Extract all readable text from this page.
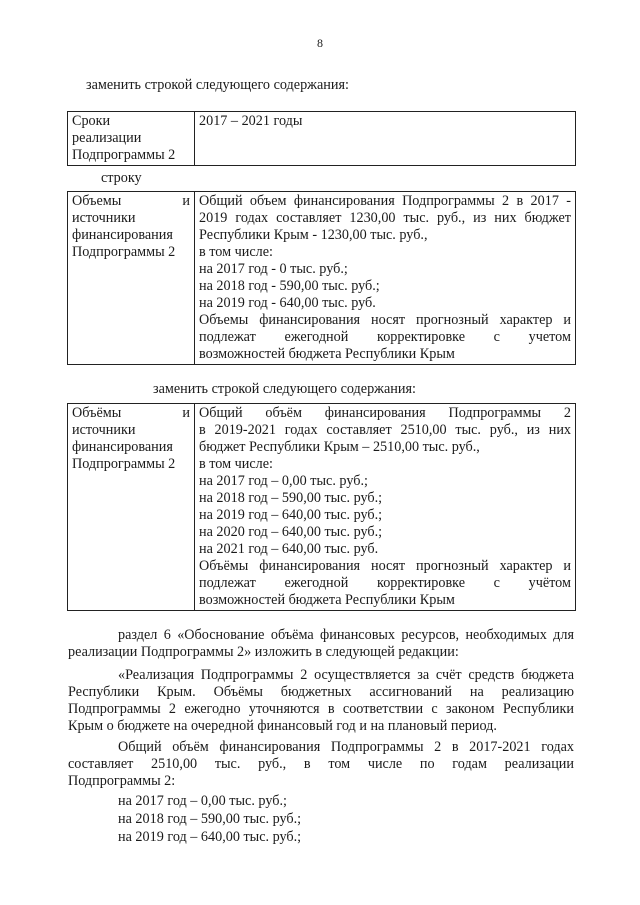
8
заменить строкой следующего содержания:
Сроки
реализации
Подпрограммы 2

2017 – 2021 годы
строку
Объемы	и
источники
финансирования
Подпрограммы 2

Общий объем финансирования Подпрограммы 2 в 2017 -
2019 годах составляет 1230,00 тыс. руб., из них бюджет
Республики Крым - 1230,00 тыс. руб.,
в том числе:
на 2017 год - 0 тыс. руб.;
на 2018 год - 590,00 тыс. руб.;
на 2019 год - 640,00 тыс. руб.
Объемы финансирования носят прогнозный характер и
подлежат ежегодной корректировке с учетом
возможностей бюджета Республики Крым
заменить строкой следующего содержания:
Объёмы	и
источники
финансирования
Подпрограммы 2

Общий объём финансирования Подпрограммы 2
в 2019-2021 годах составляет 2510,00 тыс. руб., из них
бюджет Республики Крым – 2510,00 тыс. руб.,
в том числе:
на 2017 год – 0,00 тыс. руб.;
на 2018 год – 590,00 тыс. руб.;
на 2019 год – 640,00 тыс. руб.;
на 2020 год – 640,00 тыс. руб.;
на 2021 год – 640,00 тыс. руб.
Объёмы финансирования носят прогнозный характер и
подлежат ежегодной корректировке с учётом
возможностей бюджета Республики Крым
раздел 6 «Обоснование объёма финансовых ресурсов, необходимых для
реализации Подпрограммы 2» изложить в следующей редакции:
«Реализация Подпрограммы 2 осуществляется за счёт средств бюджета
Республики Крым. Объёмы бюджетных ассигнований на реализацию
Подпрограммы 2 ежегодно уточняются в соответствии с законом Республики
Крым о бюджете на очередной финансовый год и на плановый период.
Общий объём финансирования Подпрограммы 2 в 2017-2021 годах
составляет 2510,00 тыс. руб., в том числе по годам реализации
Подпрограммы 2:
на 2017 год – 0,00 тыс. руб.;
на 2018 год – 590,00 тыс. руб.;
на 2019 год – 640,00 тыс. руб.;
